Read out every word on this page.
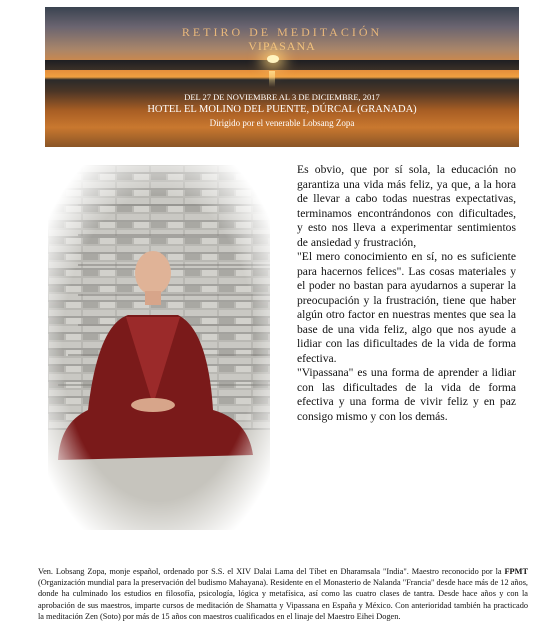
RETIRO DE MEDITACIÓN
VIPASANA
DEL 27 DE NOVIEMBRE AL 3 DE DICIEMBRE, 2017
HOTEL EL MOLINO DEL PUENTE, DÚRCAL (GRANADA)
Dirigido por el venerable Lobsang Zopa

Es obvio, que por sí sola, la educación no garantiza una vida más feliz, ya que, a la hora de llevar a cabo todas nuestras expectativas, terminamos encontrándonos con dificultades, y esto nos lleva a experimentar sentimientos de ansiedad y frustración,

"El mero conocimiento en sí, no es suficiente para hacernos felices". Las cosas materiales y el poder no bastan para ayudarnos a superar la preocupación y la frustración, tiene que haber algún otro factor en nuestras mentes que sea la base de una vida feliz, algo que nos ayude a lidiar con las dificultades de la vida de forma efectiva.

"Vipassana" es una forma de aprender a lidiar con las dificultades de la vida de forma efectiva y una forma de vivir feliz y en paz consigo mismo y con los demás.

Ven. Lobsang Zopa, monje español, ordenado por S.S. el XIV Dalai Lama del Tíbet en Dharamsala "India". Maestro reconocido por la FPMT (Organización mundial para la preservación del budismo Mahayana). Residente en el Monasterio de Nalanda "Francia" desde hace más de 12 años, donde ha culminado los estudios en filosofía, psicología, lógica y metafísica, así como las cuatro clases de tantra. Desde hace años y con la aprobación de sus maestros, imparte cursos de meditación de Shamatta y Vipassana en España y México. Con anterioridad también ha practicado la meditación Zen (Soto) por más de 15 años con maestros cualificados en el linaje del Maestro Eihei Dogen.
